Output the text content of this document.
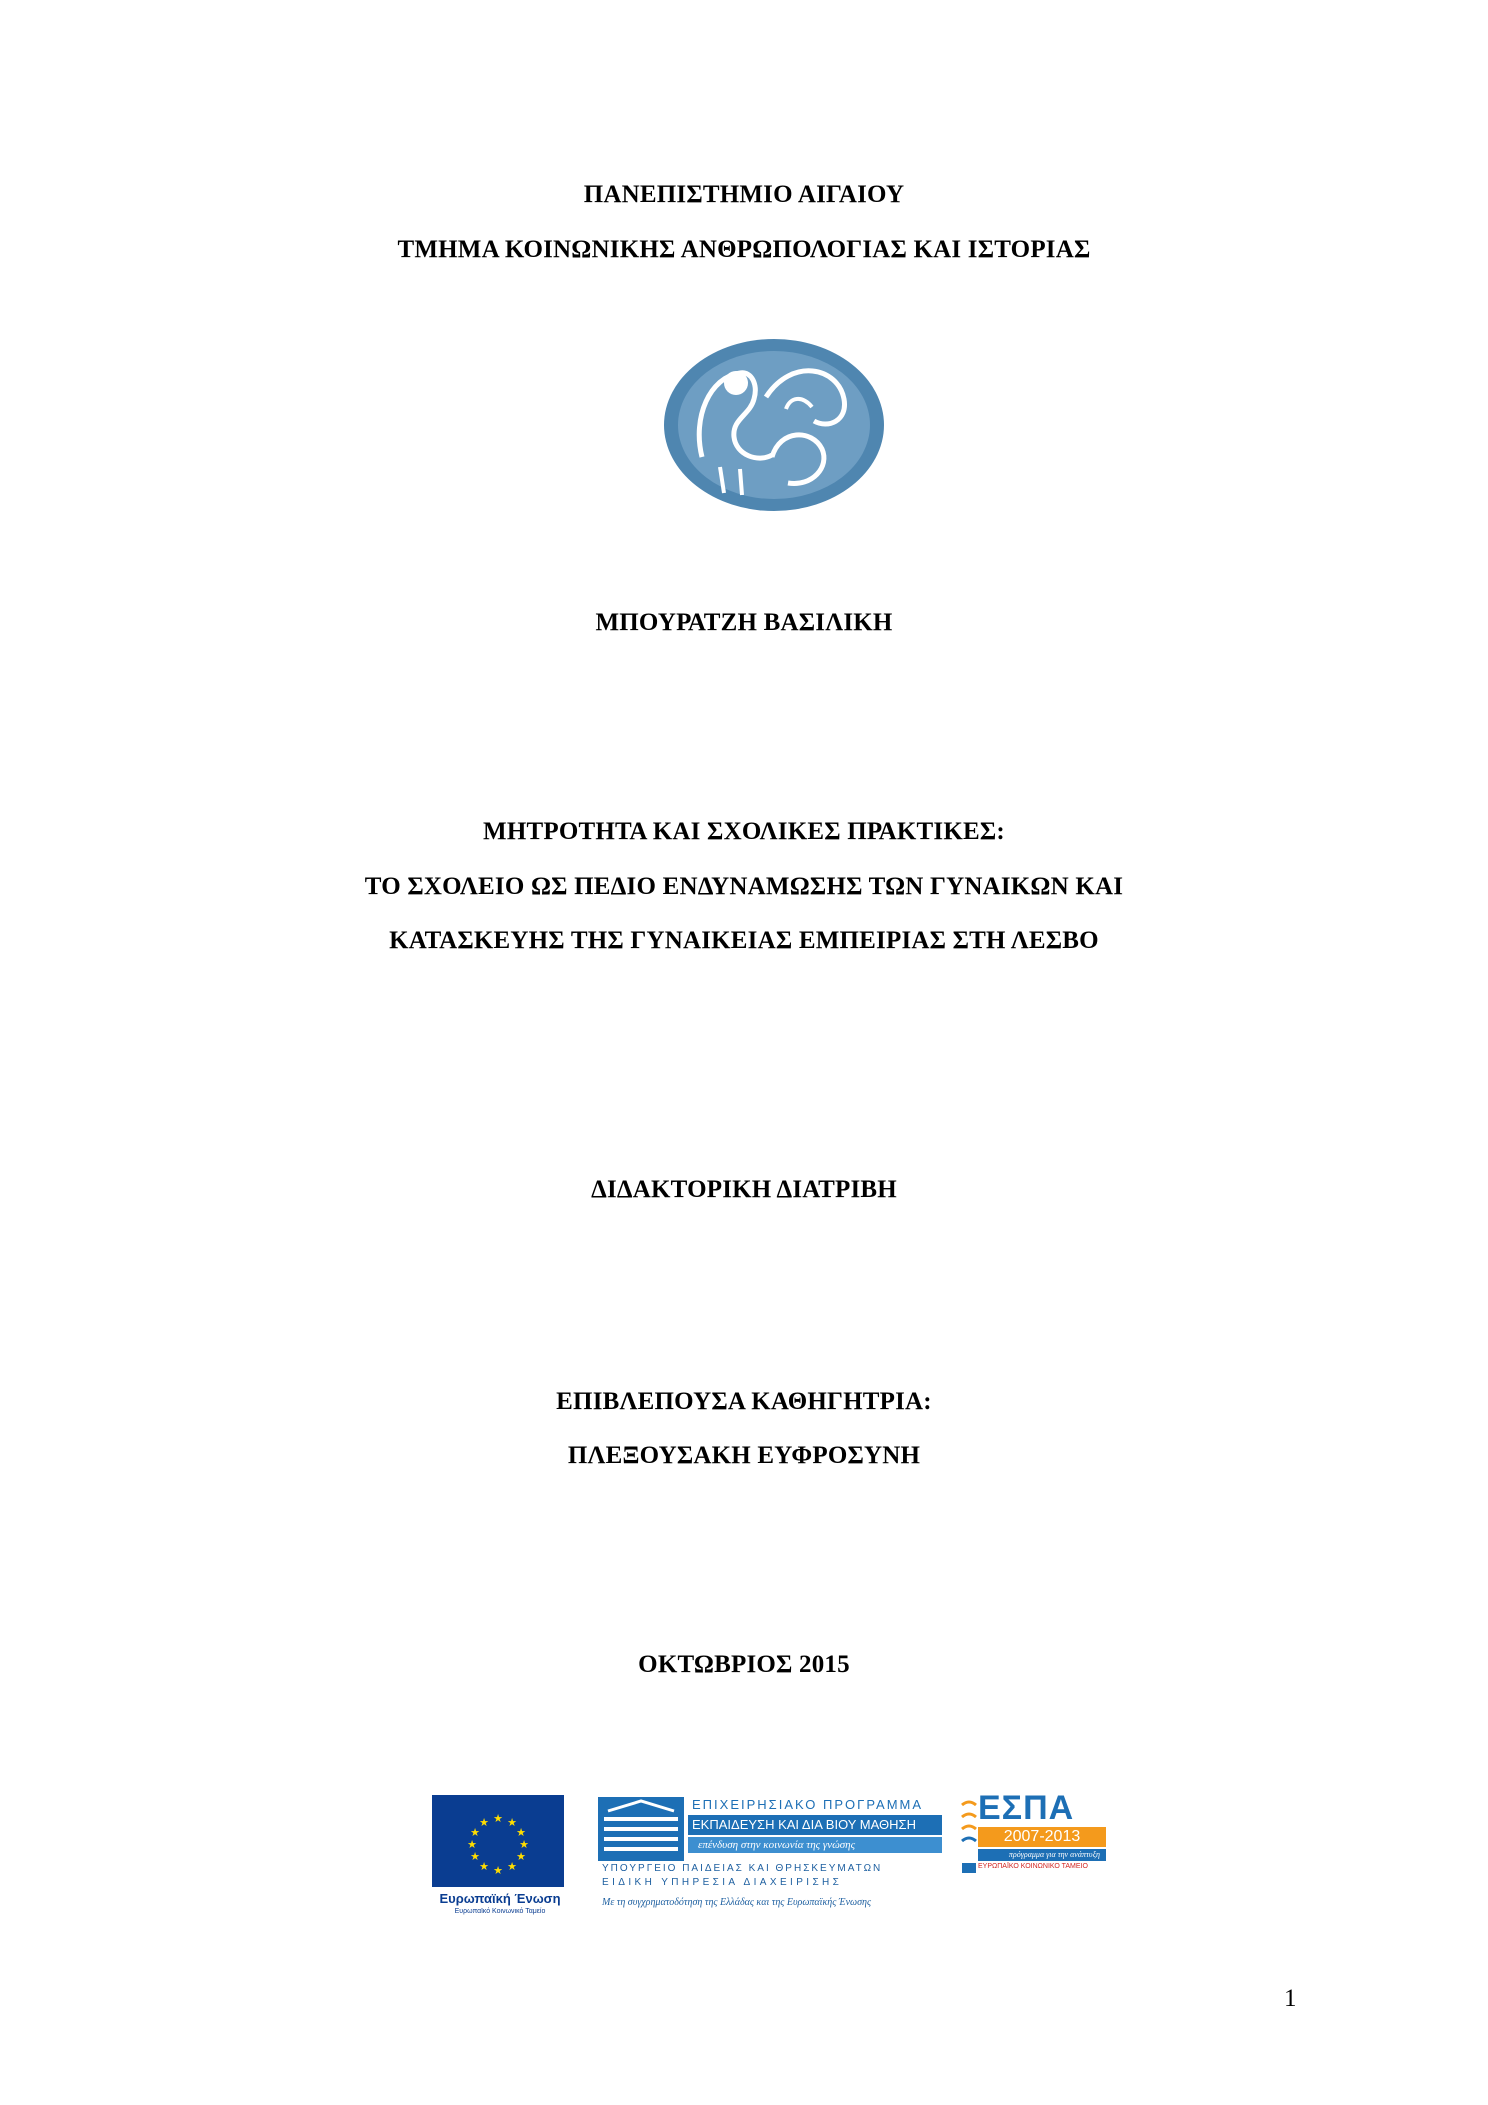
ΠΑΝΕΠΙΣΤΗΜΙΟ ΑΙΓΑΙΟΥ
ΤΜΗΜΑ ΚΟΙΝΩΝΙΚΗΣ ΑΝΘΡΩΠΟΛΟΓΙΑΣ ΚΑΙ ΙΣΤΟΡΙΑΣ
ΜΠΟΥΡΑΤΖΗ ΒΑΣΙΛΙΚΗ
ΜΗΤΡΟΤΗΤΑ ΚΑΙ ΣΧΟΛΙΚΕΣ ΠΡΑΚΤΙΚΕΣ:
ΤΟ ΣΧΟΛΕΙΟ ΩΣ ΠΕΔΙΟ ΕΝΔΥΝΑΜΩΣΗΣ ΤΩΝ ΓΥΝΑΙΚΩΝ ΚΑΙ
ΚΑΤΑΣΚΕΥΗΣ ΤΗΣ ΓΥΝΑΙΚΕΙΑΣ ΕΜΠΕΙΡΙΑΣ ΣΤΗ ΛΕΣΒΟ
ΔΙΔΑΚΤΟΡΙΚΗ ΔΙΑΤΡΙΒΗ
ΕΠΙΒΛΕΠΟΥΣΑ ΚΑΘΗΓΗΤΡΙΑ:
ΠΛΕΞΟΥΣΑΚΗ ΕΥΦΡΟΣΥΝΗ
ΟΚΤΩΒΡΙΟΣ 2015
★ ★
★
★
★
★
★
★
★
★
★
★
Ευρωπαϊκή Ένωση
Ευρωπαϊκό Κοινωνικό Ταμείο
ΕΠΙΧΕΙΡΗΣΙΑΚΟ ΠΡΟΓΡΑΜΜΑ
ΕΚΠΑΙΔΕΥΣΗ ΚΑΙ ΔΙΑ ΒΙΟΥ ΜΑΘΗΣΗ
επένδυση στην κοινωνία της γνώσης
ΥΠΟΥΡΓΕΙΟ ΠΑΙΔΕΙΑΣ ΚΑΙ ΘΡΗΣΚΕΥΜΑΤΩΝ
ΕΙΔΙΚΗ ΥΠΗΡΕΣΙΑ ΔΙΑΧΕΙΡΙΣΗΣ
Με τη συγχρηματοδότηση της Ελλάδας και της Ευρωπαϊκής Ένωσης
ΕΣΠΑ
2007-2013
πρόγραμμα για την ανάπτυξη
ΕΥΡΩΠΑΪΚΟ ΚΟΙΝΩΝΙΚΟ ΤΑΜΕΙΟ
1
